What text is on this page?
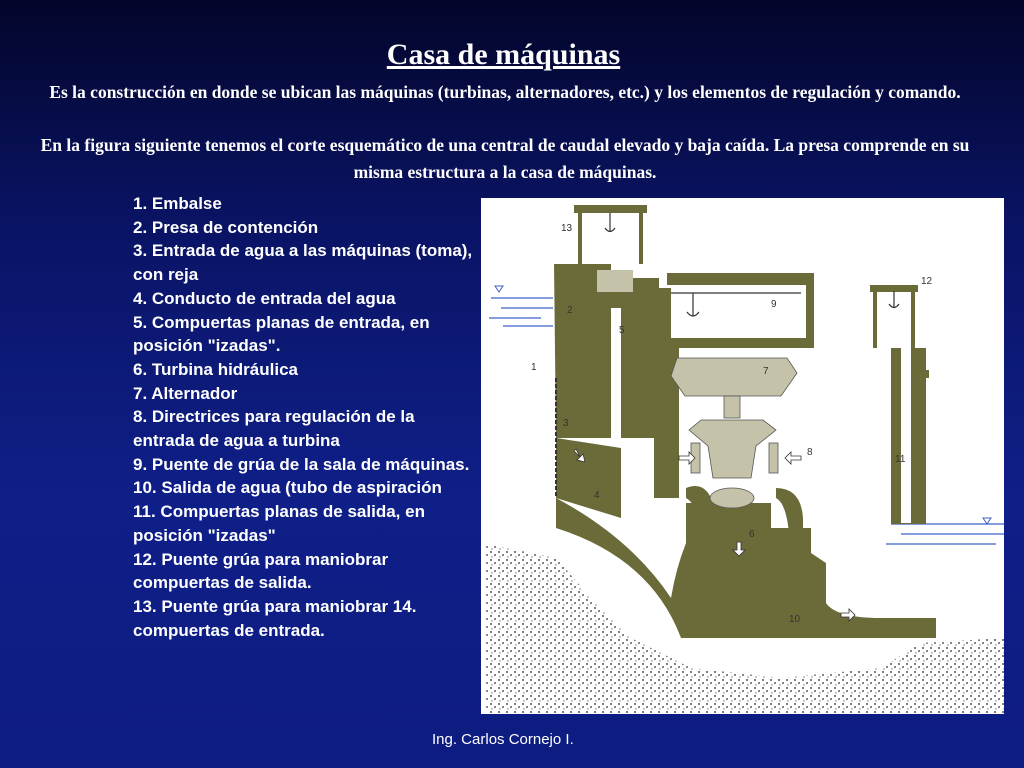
Casa de máquinas
Es la construcción en donde se ubican las máquinas (turbinas, alternadores, etc.) y los elementos de regulación y comando.
En la figura siguiente tenemos el corte esquemático de una central de caudal elevado y baja caída. La presa comprende en su misma estructura a la casa de máquinas.
1. Embalse
2. Presa de contención
3. Entrada de agua a las máquinas (toma), con reja
4. Conducto de entrada del agua
5. Compuertas planas de entrada, en posición "izadas".
6. Turbina hidráulica
7. Alternador
8. Directrices para regulación de la entrada de agua a turbina
9. Puente de grúa de la sala de máquinas.
10. Salida de agua (tubo de aspiración
11. Compuertas planas de salida, en posición "izadas"
12. Puente grúa para maniobrar compuertas de salida.
13. Puente grúa para maniobrar 14. compuertas de entrada.
13
2
5
9
12
1	7
3
8
11
4
6
10
Ing. Carlos Cornejo I.
